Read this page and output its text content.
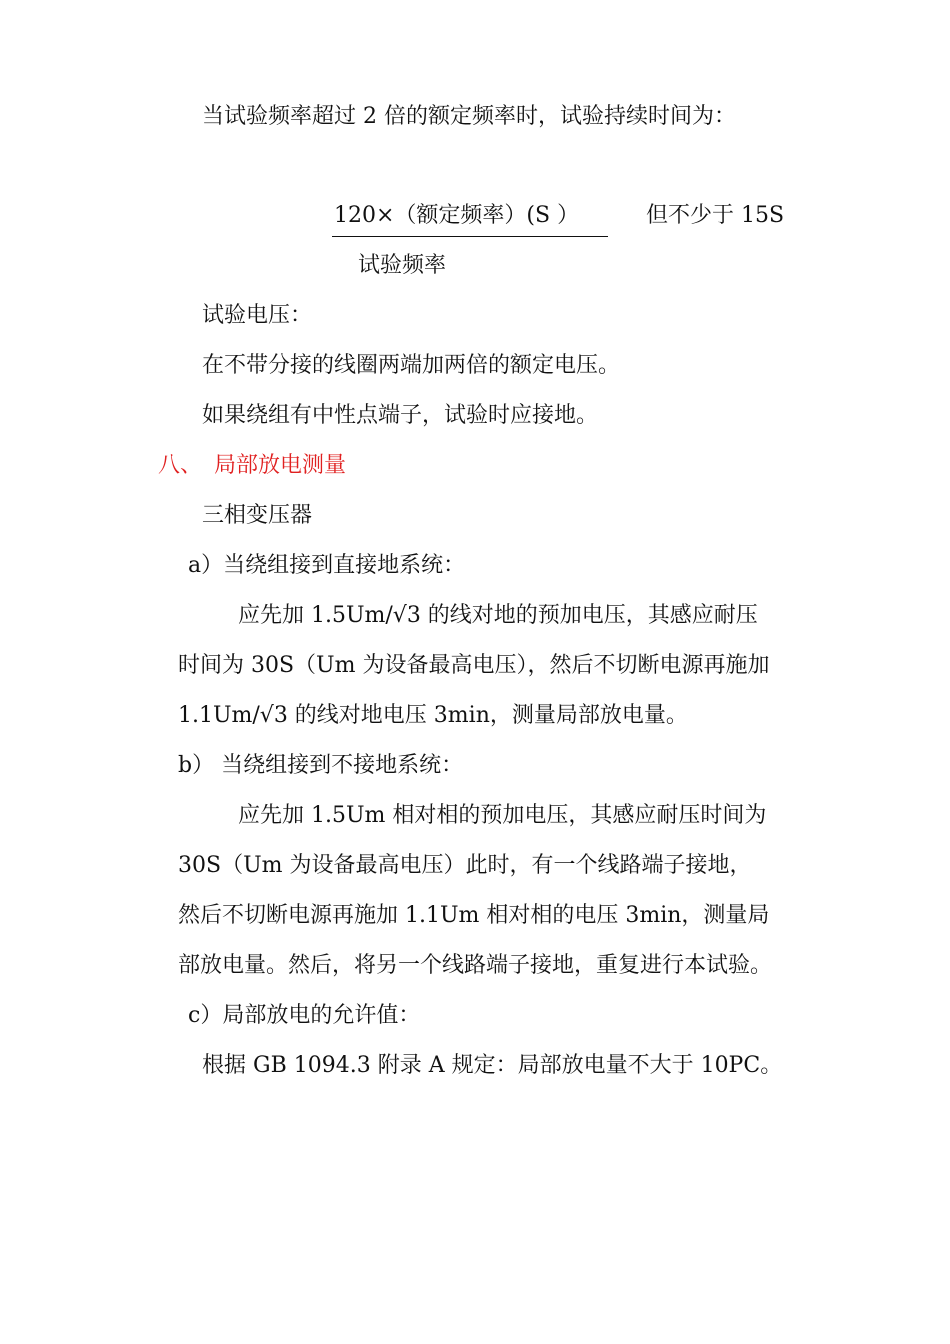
当试验频率超过 2 倍的额定频率时，试验持续时间为：
120×（额定频率）(S ）	但不少于 15S
试验频率
试验电压：
在不带分接的线圈两端加两倍的额定电压。
如果绕组有中性点端子，试验时应接地。
八、 局部放电测量
三相变压器
a）当绕组接到直接地系统：
应先加 1.5Um/√3 的线对地的预加电压，其感应耐压
时间为 30S（Um 为设备最高电压），然后不切断电源再施加
1.1Um/√3 的线对地电压 3min，测量局部放电量。
b） 当绕组接到不接地系统：
应先加 1.5Um 相对相的预加电压，其感应耐压时间为
30S（Um 为设备最高电压）此时，有一个线路端子接地，
然后不切断电源再施加 1.1Um 相对相的电压 3min，测量局
部放电量。然后，将另一个线路端子接地，重复进行本试验。
c）局部放电的允许值：
根据 GB 1094.3 附录 A 规定：局部放电量不大于 10PC。
